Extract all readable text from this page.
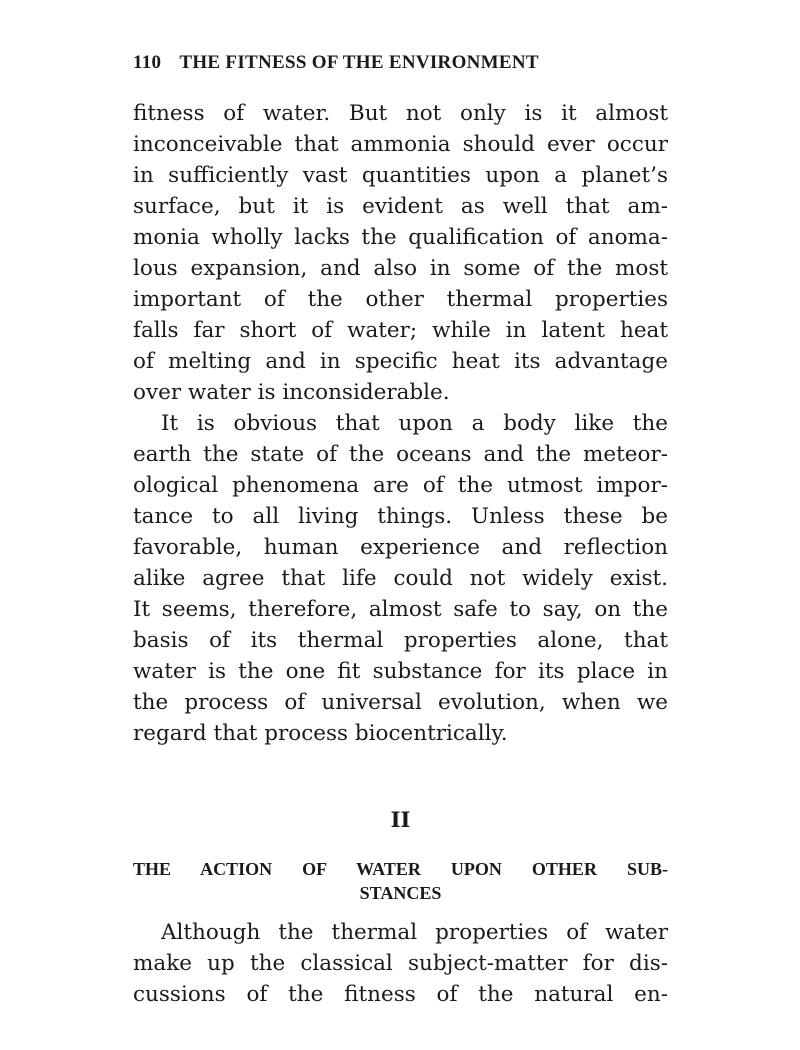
110 THE FITNESS OF THE ENVIRONMENT
fitness of water. But not only is it almost
inconceivable that ammonia should ever occur
in sufficiently vast quantities upon a planet’s
surface, but it is evident as well that am-
monia wholly lacks the qualification of anoma-
lous expansion, and also in some of the most
important of the other thermal properties
falls far short of water; while in latent heat
of melting and in specific heat its advantage
over water is inconsiderable.
It is obvious that upon a body like the
earth the state of the oceans and the meteor-
ological phenomena are of the utmost impor-
tance to all living things. Unless these be
favorable, human experience and reflection
alike agree that life could not widely exist.
It seems, therefore, almost safe to say, on the
basis of its thermal properties alone, that
water is the one fit substance for its place in
the process of universal evolution, when we
regard that process biocentrically.
II
THE ACTION OF WATER UPON OTHER SUB-
STANCES
Although the thermal properties of water
make up the classical subject-matter for dis-
cussions of the fitness of the natural en-
